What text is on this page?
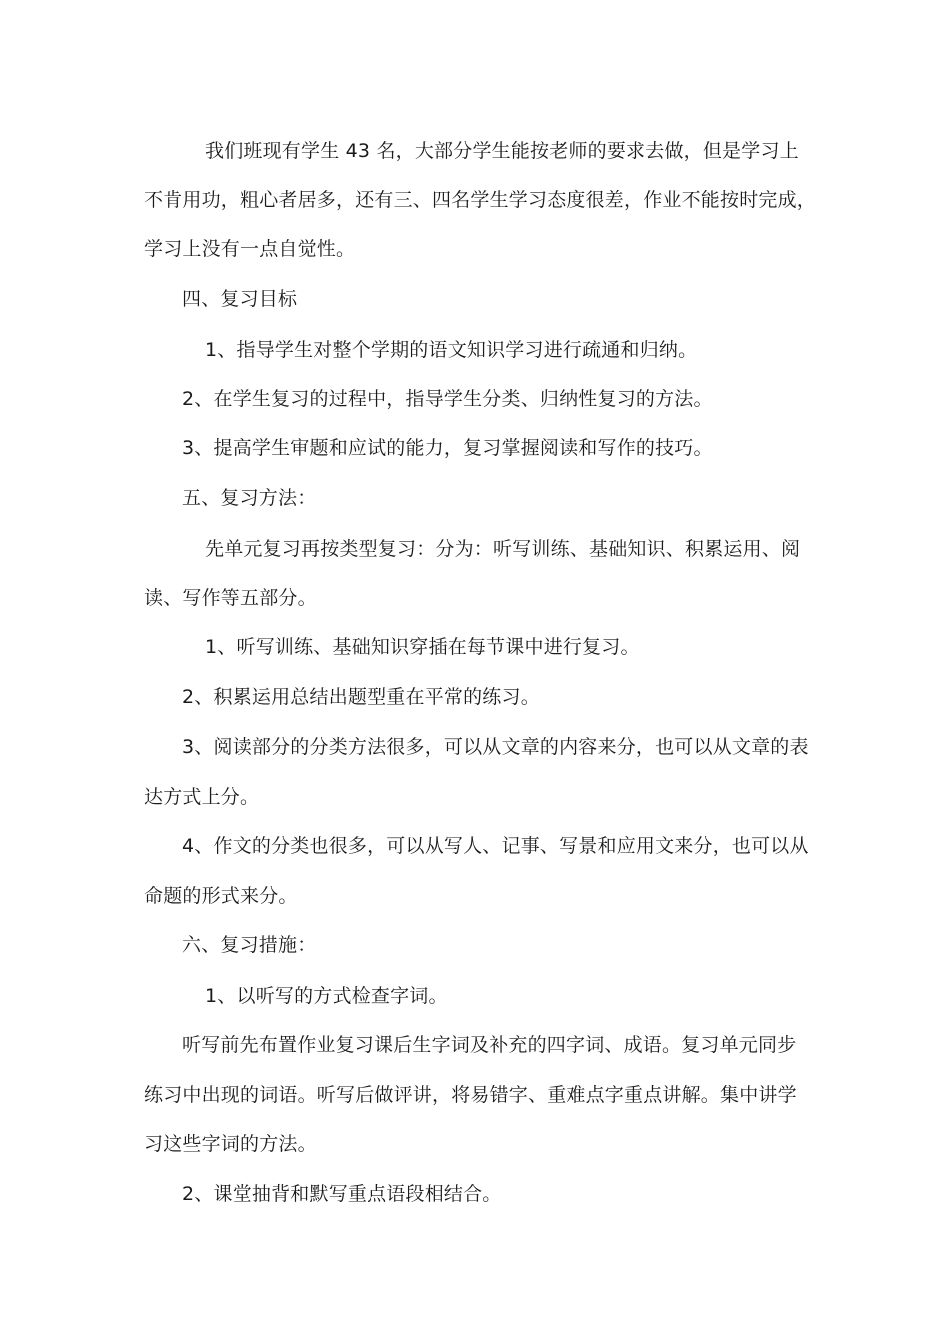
我们班现有学生 43 名，大部分学生能按老师的要求去做，但是学习上
不肯用功，粗心者居多，还有三、四名学生学习态度很差，作业不能按时完成，
学习上没有一点自觉性。
四、复习目标
1、指导学生对整个学期的语文知识学习进行疏通和归纳。
2、在学生复习的过程中，指导学生分类、归纳性复习的方法。
3、提高学生审题和应试的能力，复习掌握阅读和写作的技巧。
五、复习方法：
先单元复习再按类型复习：分为：听写训练、基础知识、积累运用、阅
读、写作等五部分。
1、听写训练、基础知识穿插在每节课中进行复习。
2、积累运用总结出题型重在平常的练习。
3、阅读部分的分类方法很多，可以从文章的内容来分，也可以从文章的表
达方式上分。
4、作文的分类也很多，可以从写人、记事、写景和应用文来分，也可以从
命题的形式来分。
六、复习措施：
1、以听写的方式检查字词。
听写前先布置作业复习课后生字词及补充的四字词、成语。复习单元同步
练习中出现的词语。听写后做评讲，将易错字、重难点字重点讲解。集中讲学
习这些字词的方法。
2、课堂抽背和默写重点语段相结合。
